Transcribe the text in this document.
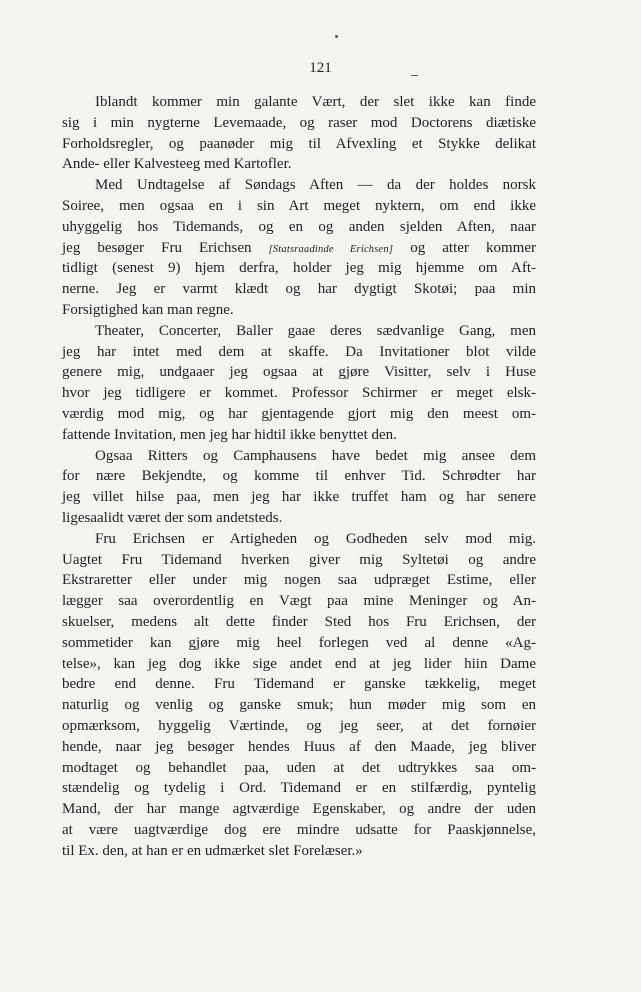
121
Iblandt kommer min galante Vært, der slet ikke kan finde
sig i min nygterne Levemaade, og raser mod Doctorens diætiske
Forholdsregler, og paanøder mig til Afvexling et Stykke delikat
Ande- eller Kalvesteeg med Kartofler.
Med Undtagelse af Søndags Aften — da der holdes norsk
Soiree, men ogsaa en i sin Art meget nyktern, om end ikke
uhyggelig hos Tidemands, og en og anden sjelden Aften, naar
jeg besøger Fru Erichsen [Statsraadinde Erichsen] og atter kommer
tidligt (senest 9) hjem derfra, holder jeg mig hjemme om Aft-
nerne. Jeg er varmt klædt og har dygtigt Skotøi; paa min
Forsigtighed kan man regne.
Theater, Concerter, Baller gaae deres sædvanlige Gang, men
jeg har intet med dem at skaffe. Da Invitationer blot vilde
genere mig, undgaaer jeg ogsaa at gjøre Visitter, selv i Huse
hvor jeg tidligere er kommet. Professor Schirmer er meget elsk-
værdig mod mig, og har gjentagende gjort mig den meest om-
fattende Invitation, men jeg har hidtil ikke benyttet den.
Ogsaa Ritters og Camphausens have bedet mig ansee dem
for nære Bekjendte, og komme til enhver Tid. Schrødter har
jeg villet hilse paa, men jeg har ikke truffet ham og har senere
ligesaalidt været der som andetsteds.
Fru Erichsen er Artigheden og Godheden selv mod mig.
Uagtet Fru Tidemand hverken giver mig Syltetøi og andre
Ekstraretter eller under mig nogen saa udpræget Estime, eller
lægger saa overordentlig en Vægt paa mine Meninger og An-
skuelser, medens alt dette finder Sted hos Fru Erichsen, der
sommetider kan gjøre mig heel forlegen ved al denne «Ag-
telse», kan jeg dog ikke sige andet end at jeg lider hiin Dame
bedre end denne. Fru Tidemand er ganske tækkelig, meget
naturlig og venlig og ganske smuk; hun møder mig som en
opmærksom, hyggelig Værtinde, og jeg seer, at det fornøier
hende, naar jeg besøger hendes Huus af den Maade, jeg bliver
modtaget og behandlet paa, uden at det udtrykkes saa om-
stændelig og tydelig i Ord. Tidemand er en stilfærdig, pyntelig
Mand, der har mange agtværdige Egenskaber, og andre der uden
at være uagtværdige dog ere mindre udsatte for Paaskjønnelse,
til Ex. den, at han er en udmærket slet Forelæser.»
